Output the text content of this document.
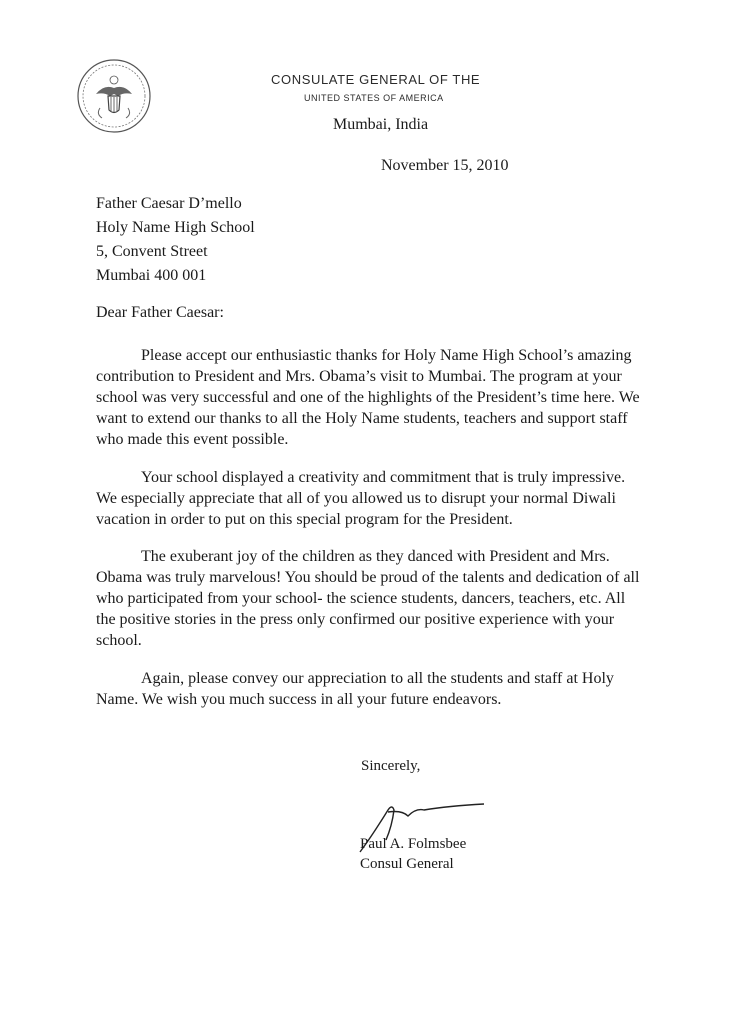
CONSULATE GENERAL OF THE
UNITED STATES OF AMERICA
Mumbai, India
November 15, 2010
Father Caesar D’mello
Holy Name High School
5, Convent Street
Mumbai 400 001
Dear Father Caesar:

Please accept our enthusiastic thanks for Holy Name High School’s amazing contribution to President and Mrs. Obama’s visit to Mumbai. The program at your school was very successful and one of the highlights of the President’s time here. We want to extend our thanks to all the Holy Name students, teachers and support staff who made this event possible.

Your school displayed a creativity and commitment that is truly impressive. We especially appreciate that all of you allowed us to disrupt your normal Diwali vacation in order to put on this special program for the President.

The exuberant joy of the children as they danced with President and Mrs. Obama was truly marvelous! You should be proud of the talents and dedication of all who participated from your school- the science students, dancers, teachers, etc. All the positive stories in the press only confirmed our positive experience with your school.

Again, please convey our appreciation to all the students and staff at Holy Name. We wish you much success in all your future endeavors.

Sincerely,
Paul A. Folmsbee
Consul General
